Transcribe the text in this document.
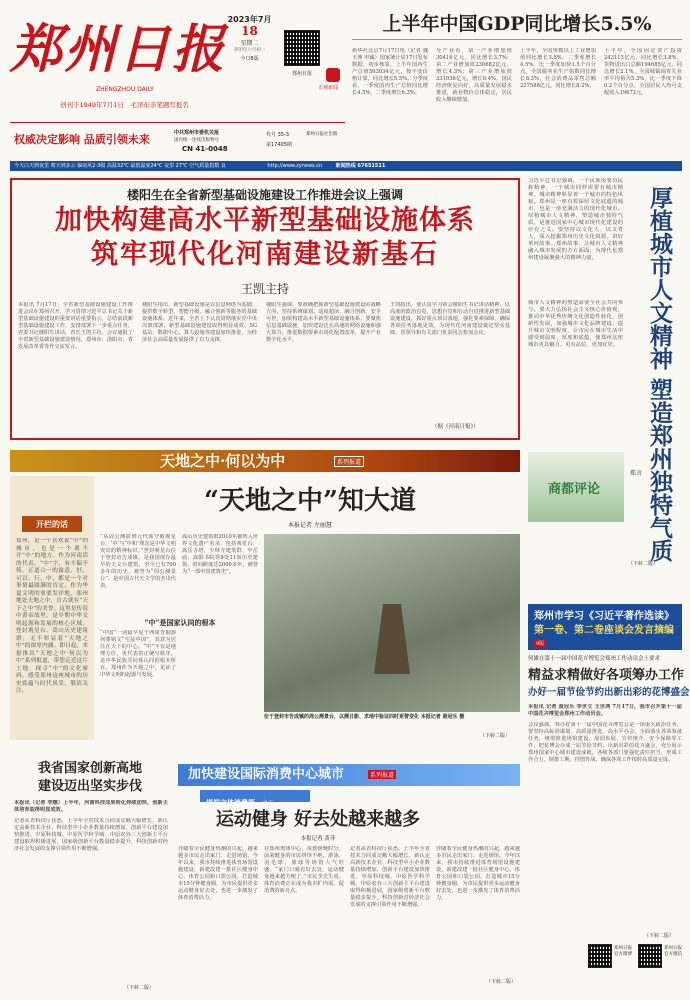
郑州日报
ZHENGZHOU DAILY
创刊于1949年7月1日　 毛泽东亲笔题写报名
2023年7月
18
星期二
癸卯年六月初一
今日8版
郑州日报
正观新闻
权威决定影响 品质引领未来	中共郑州市委机关报
国内统一连续出版物号
CN 41-0048	第17405期
代号 35-3	郑州日报社出版
上半年中国GDP同比增长5.5%
新华社北京7月17日电（记者 魏玉坤 申铖）国家统计局17日发布数据，初步核算，上半年国内生产总值593034亿元，按不变价格计算，同比增长5.5%。分季度看，一季度国内生产总值同比增长4.5%，二季度增长6.3%。
分产业看，第一产业增加值30416亿元，同比增长3.7%；第二产业增加值230682亿元，增长4.3%；第三产业增加值331936亿元，增长6.4%。国民经济恢复向好，高质量发展稳步推进，就业物价总体稳定，居民收入继续增加。
上半年，全国规模以上工业增加值同比增长3.8%。二季度增长4.5%，比一季度加快1.5个百分点。全国服务业生产指数同比增长8.3%，社会消费品零售总额227588亿元，同比增长8.2%。
上半年，全国固定资产投资243113亿元，同比增长3.8%。货物进出口总额194685亿元，同比增长2.1%。全国城镇调查失业率平均值为5.3%，比一季度下降0.2个百分点。全国居民人均可支配收入19672元。
今天白天到夜里 晴天到多云 偏南风2-3级 高温32℃ 最低温度24℃ 夜里 27℃ 空气质量指数 良	http://www.zynews.cn	新闻热线 67651511
楼阳生在全省新型基础设施建设工作推进会议上强调
加快构建高水平新型基础设施体系
筑牢现代化河南建设新基石
王凯主持
本报讯 7月17日，全省新型基础设施建设工作推进会议在郑州召开，学习贯彻习近平总书记关于新型基础设施建设的重要讲话重要指示，总结前段新型基础设施建设工作，安排部署下一步重点任务。省委书记楼阳生讲话，省长王凯主持。会议通报了全省新型基础设施建设情况，郑州市、洛阳市、省发展改革委等作交流发言。
楼阳生指出，新型基础设施是以信息网络为基础，提供数字转型、智能升级、融合创新等服务的基础设施体系。近年来，全省上下认真贯彻落实党中央决策部署，新型基础设施建设取得明显成效，5G基站、数据中心、算力设施等建设加快推进，为经济社会高质量发展提供了有力支撑。
楼阳生强调，要准确把握新型基础设施建设的战略方向，坚持系统谋划、适度超前、融合创新、安全可控，加快构建高水平新型基础设施体系。要聚焦信息基础设施，加快建设泛在高速的网络设施和强大算力，推进数据要素市场化配置改革，提升产业数字化水平。
王凯指出，要认真学习领会楼阳生书记讲话精神，以高度的政治自觉、思想自觉和行动自觉推进新型基础设施建设，抓好重点项目落地，强化要素保障，确保各项任务落地见效，为现代化河南建设奠定坚实基础。省领导和有关部门负责同志参加会议。
（据《河南日报》）
习近平总书记强调，一个民族需要有民族精神，一个城市同样需要有城市精神。城市精神彰显着一个城市的特色风貌。郑州是一座有着深厚文化底蕴的城市，也是一座充满活力的现代化城市。厚植城市人文精神，塑造城市独特气质，是推进国家中心城市现代化建设的应有之义。要坚持以文化人、以文育人，深入挖掘郑州历史文化资源，讲好黄河故事、郑州故事，让城市人文精神融入城市发展的方方面面，为现代化郑州建设凝聚强大的精神力量。
城市人文精神的塑造需要全社会共同参与。要大力弘扬社会主义核心价值观，推动中华优秀传统文化创造性转化、创新性发展，加强城市文化品牌建设，提升城市文明程度，让市民在城市生活中感受到温度、厚度和底蕴，使郑州这座城市更具魅力、更有品位、更加宜居。	厚植城市人文精神 塑造郑州独特气质
郑言
（下转二版）
商都评论
天地之中·何以为中	系列报道
开栏的话
郑州，是一个喜欢说“中”的城市，也是一个离不开“中”的地方。作为河南话的代表，“中”字，有不偏不倚、正道合一的寓意，好、可以、行、中，都是一个对事情最圆满的肯定。作为华夏文明的重要发祥地，郑州地处天地之中，自古就有“天下之中”的美誉。这里是传说中黄帝故里，是早期中华文明起源和发展的核心区域。登封观星台、嵩山历史建筑群，无不彰显着“天地之中”的深厚内涵。即日起，本报推出“天地之中·何以为中”系列报道，带您走近这片土地，探寻“中”的文化密码，感受郑州这座城市的历史底蕴与时代风采。敬请关注。
“天地之中”知大道
本报记者 左丽慧
“从周公测影到元代郭守敬观星台，‘中’与‘中和’理念是中华文明突出的精神标识。”登封观星台位于登封市告成镇，是我国现存最早的天文台建筑，至今已有700多年的历史，被誉为“周公测景台”，是中国古代天文学的杰出代表。
“中”是国家认同的根本
“中国”一词最早见于西周青铜器何尊铭文“宅兹中国”，其意为居住在天下的中心。“中”不仅是地理方位，更代表着正统与秩序，是中华民族共同体认同的根本所在。郑州作为天地之中，见证了中华文明的起源与发展。
嵩山历史建筑群2010年被列入世界文化遗产名录，包括观星台、嵩岳寺塔、少林寺建筑群、中岳庙、嵩阳书院等8处11项历史建筑，时间跨度达2000多年，被誉为“一部中国建筑史”。
位于登封市告成镇的周公测景台，以测日影、求地中验证四时更替变化 本报记者 聂冠乐 摄
（下转二版）
郑州市学习《习近平著作选读》
第一卷、第二卷座谈会发言摘编
9版
何雄在第十一届中国花卉博览会郑州工作动员会上要求
精益求精做好各项筹办工作
办好一届节俭节约出新出彩的花博盛会
本报讯 记者 聂冠乐 李世文 王世鸿 7月17日，我市召开第十一届中国花卉博览会郑州工作动员会。
会议强调，筹办好第十一届中国花卉博览会是一项重大政治任务，要坚持高标准谋划、高质量推进、高水平办会，全面落实各项筹备任务，统筹推进场馆建设、展园布展、宣传推介、安全保障等工作，把花博会办成一届节俭节约、出新出彩的花卉盛会，充分展示郑州国家中心城市建设成就。各级各部门要强化责任担当，形成工作合力，倒排工期，挂图作战，确保各项工作按时高质量完成。
（下转二版）
我省国家创新高地
建设迈出坚实步伐
本报讯（记者 李娜）上半年，河南科技成果转化持续加快，创新主体培育取得明显成效。
记者从省科技厅获悉，上半年全省技术合同成交额大幅增长，新认定高新技术企业、科技型中小企业数量持续增加，创新平台建设加快推进。中原科技城、中原医学科学城、中原农谷三大创新主平台建设取得积极进展，国家级创新平台数量稳步提升，科技创新对经济社会发展的支撑引领作用不断增强。
（下转二版）
加快建设国际消费中心城市	系列报道
提振文体消费篇 之五
运动健身 好去处越来越多
本报记者 黄菲
伴随着全民健身热潮的兴起，越来越多市民走出家门、走进场馆。今年以来，我市持续推进体育场馆设施建设，新建改建一批社区健身中心、体育公园和口袋公园，打造城市15分钟健身圈，为市民提供更多运动健身好去处，也进一步激发了体育消费活力。
在郑州奥体中心，每到傍晚时分，前来健身的市民络绎不绝。游泳、羽毛球、篮球等场馆人气旺盛。“家门口就有好去处，运动健身越来越方便了。”市民李先生说。体育消费正在成为我市扩内需、促消费的新亮点。
记者从省科技厅获悉，上半年全省技术合同成交额大幅增长，新认定高新技术企业、科技型中小企业数量持续增加，创新平台建设加快推进。中原科技城、中原医学科学城、中原农谷三大创新主平台建设取得积极进展，国家级创新平台数量稳步提升，科技创新对经济社会发展的支撑引领作用不断增强。
伴随着全民健身热潮的兴起，越来越多市民走出家门、走进场馆。今年以来，我市持续推进体育场馆设施建设，新建改建一批社区健身中心、体育公园和口袋公园，打造城市15分钟健身圈，为市民提供更多运动健身好去处，也进一步激发了体育消费活力。
（下转二版）
郑州日报官方微博
郑州日报官方微信
